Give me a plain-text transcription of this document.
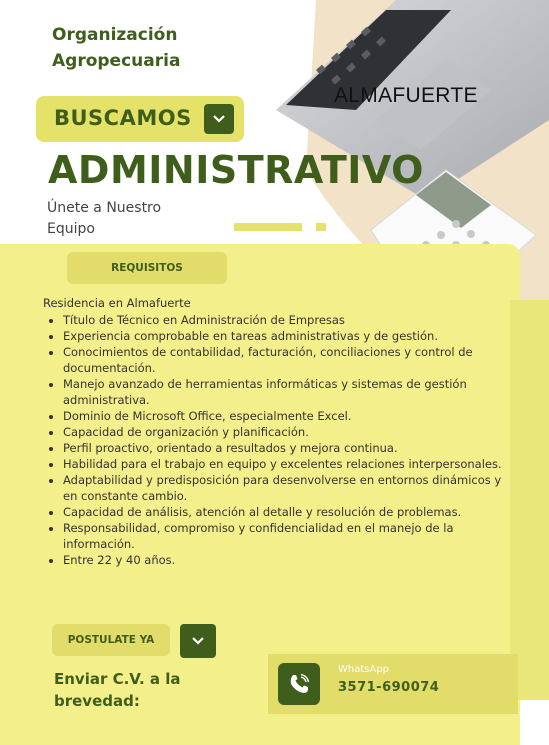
Organización
Agropecuaria
BUSCAMOS
ALMAFUERTE
ADMINISTRATIVO
Únete a Nuestro
Equipo
REQUISITOS
Residencia en Almafuerte
• Título de Técnico en Administración de Empresas
• Experiencia comprobable en tareas administrativas y de gestión.
• Conocimientos de contabilidad, facturación, conciliaciones y control de documentación.
• Manejo avanzado de herramientas informáticas y sistemas de gestión administrativa.
• Dominio de Microsoft Office, especialmente Excel.
• Capacidad de organización y planificación.
• Perfil proactivo, orientado a resultados y mejora continua.
• Habilidad para el trabajo en equipo y excelentes relaciones interpersonales.
• Adaptabilidad y predisposición para desenvolverse en entornos dinámicos y en constante cambio.
• Capacidad de análisis, atención al detalle y resolución de problemas.
• Responsabilidad, compromiso y confidencialidad en el manejo de la información.
• Entre 22 y 40 años.
POSTULATE YA
Enviar C.V. a la
brevedad:
WhatsApp
3571-690074
